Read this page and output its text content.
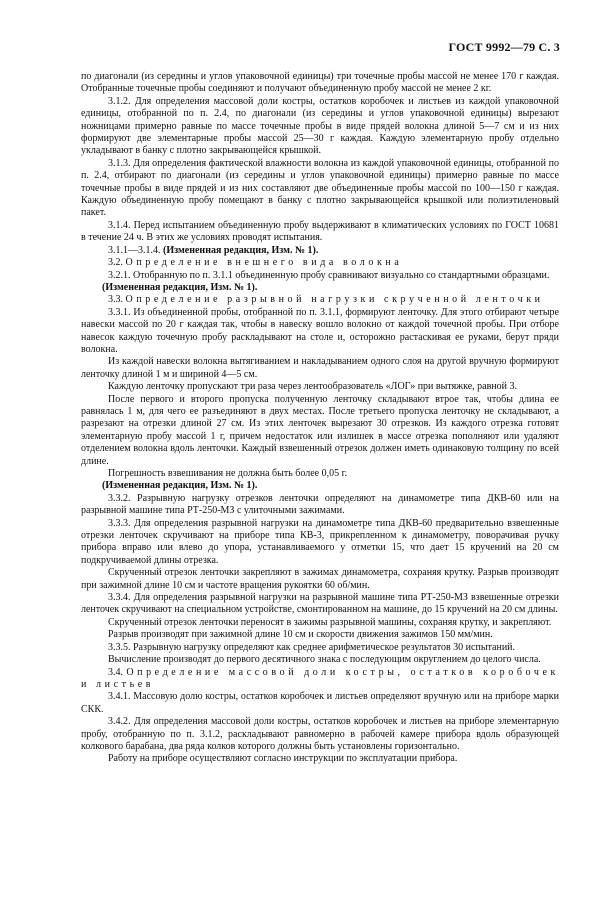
ГОСТ 9992—79 С. 3

по диагонали (из середины и углов упаковочной единицы) три точечные пробы массой не менее 170 г каждая. Отобранные точечные пробы соединяют и получают объединенную пробу массой не менее 2 кг.

3.1.2. Для определения массовой доли костры, остатков коробочек и листьев из каждой упаковочной единицы, отобранной по п. 2.4, по диагонали (из середины и углов упаковочной единицы) вырезают ножницами примерно равные по массе точечные пробы в виде прядей волокна длиной 5—7 см и из них формируют две элементарные пробы массой 25—30 г каждая. Каждую элементарную пробу отдельно укладывают в банку с плотно закрывающейся крышкой.

3.1.3. Для определения фактической влажности волокна из каждой упаковочной единицы, отобранной по п. 2.4, отбирают по диагонали (из середины и углов упаковочной единицы) примерно равные по массе точечные пробы в виде прядей и из них составляют две объединенные пробы массой по 100—150 г каждая. Каждую объединенную пробу помещают в банку с плотно закрывающейся крышкой или полиэтиленовый пакет.

3.1.4. Перед испытанием объединенную пробу выдерживают в климатических условиях по ГОСТ 10681 в течение 24 ч. В этих же условиях проводят испытания.

3.1.1—3.1.4. (Измененная редакция, Изм. № 1).

3.2. Определение внешнего вида волокна

3.2.1. Отобранную по п. 3.1.1 объединенную пробу сравнивают визуально со стандартными образцами.

(Измененная редакция, Изм. № 1).

3.3. Определение разрывной нагрузки скрученной ленточки

3.3.1. Из объединенной пробы, отобранной по п. 3.1.1, формируют ленточку. Для этого отбирают четыре навески массой по 20 г каждая так, чтобы в навеску вошло волокно от каждой точечной пробы. При отборе навесок каждую точечную пробу раскладывают на столе и, осторожно растаскивая ее руками, берут пряди волокна.

Из каждой навески волокна вытягиванием и накладыванием одного слоя на другой вручную формируют ленточку длиной 1 м и шириной 4—5 см.

Каждую ленточку пропускают три раза через лентообразователь «ЛОГ» при вытяжке, равной 3.

После первого и второго пропуска полученную ленточку складывают втрое так, чтобы длина ее равнялась 1 м, для чего ее разъединяют в двух местах. После третьего пропуска ленточку не складывают, а разрезают на отрезки длиной 27 см. Из этих ленточек вырезают 30 отрезков. Из каждого отрезка готовят элементарную пробу массой 1 г, причем недостаток или излишек в массе отрезка пополняют или удаляют отделением волокна вдоль ленточки. Каждый взвешенный отрезок должен иметь одинаковую толщину по всей длине.

Погрешность взвешивания не должна быть более 0,05 г.

(Измененная редакция, Изм. № 1).

3.3.2. Разрывную нагрузку отрезков ленточки определяют на динамометре типа ДКВ-60 или на разрывной машине типа РТ-250-МЗ с улиточными зажимами.

3.3.3. Для определения разрывной нагрузки на динамометре типа ДКВ-60 предварительно взвешенные отрезки ленточек скручивают на приборе типа КВ-3, прикрепленном к динамометру, поворачивая ручку прибора вправо или влево до упора, устанавливаемого у отметки 15, что дает 15 кручений на 20 см подкручиваемой длины отрезка.

Скрученный отрезок ленточки закрепляют в зажимах динамометра, сохраняя крутку. Разрыв производят при зажимной длине 10 см и частоте вращения рукоятки 60 об/мин.

3.3.4. Для определения разрывной нагрузки на разрывной машине типа РТ-250-МЗ взвешенные отрезки ленточек скручивают на специальном устройстве, смонтированном на машине, до 15 кручений на 20 см длины.

Скрученный отрезок ленточки переносят в зажимы разрывной машины, сохраняя крутку, и закрепляют.

Разрыв производят при зажимной длине 10 см и скорости движения зажимов 150 мм/мин.

3.3.5. Разрывную нагрузку определяют как среднее арифметическое результатов 30 испытаний.

Вычисление производят до первого десятичного знака с последующим округлением до целого числа.

3.4. Определение массовой доли костры, остатков коробочек и листьев

3.4.1. Массовую долю костры, остатков коробочек и листьев определяют вручную или на приборе марки СКК.

3.4.2. Для определения массовой доли костры, остатков коробочек и листьев на приборе элементарную пробу, отобранную по п. 3.1.2, раскладывают равномерно в рабочей камере прибора вдоль образующей колкового барабана, два ряда колков которого должны быть установлены горизонтально.

Работу на приборе осуществляют согласно инструкции по эксплуатации прибора.
